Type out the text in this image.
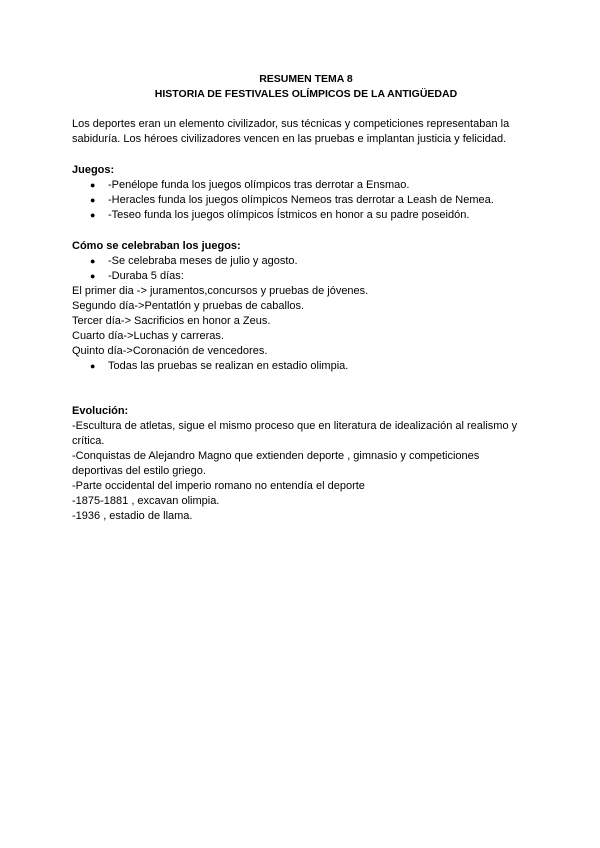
RESUMEN TEMA 8
HISTORIA DE FESTIVALES OLÍMPICOS DE LA ANTIGÜEDAD

Los deportes eran un elemento civilizador, sus técnicas y competiciones representaban la sabiduría. Los héroes civilizadores vencen en las pruebas e implantan justicia y felicidad.

Juegos:

● -Penélope funda los juegos olímpicos tras derrotar a Ensmao.
● -Heracles funda los juegos olímpicos Nemeos tras derrotar a Leash de Nemea.
● -Teseo funda los juegos olímpicos Ístmicos en honor a su padre poseidón.

Cómo se celebraban los juegos:

● -Se celebraba meses de julio y agosto.
● -Duraba 5 días:

El primer dia -> juramentos,concursos y pruebas de jóvenes.

Segundo día->Pentatlón y pruebas de caballos.

Tercer día-> Sacrificios en honor a Zeus.

Cuarto día->Luchas y carreras.

Quinto día->Coronación de vencedores.

● Todas las pruebas se realizan en estadio olimpia.

Evolución:

-Escultura de atletas, sigue el mismo proceso que en literatura de idealización al realismo y crítica.

-Conquistas de Alejandro Magno que extienden deporte , gimnasio y competiciones deportivas del estilo griego.

-Parte occidental del imperio romano no entendía el deporte

-1875-1881 , excavan olimpia.

-1936 , estadio de llama.
